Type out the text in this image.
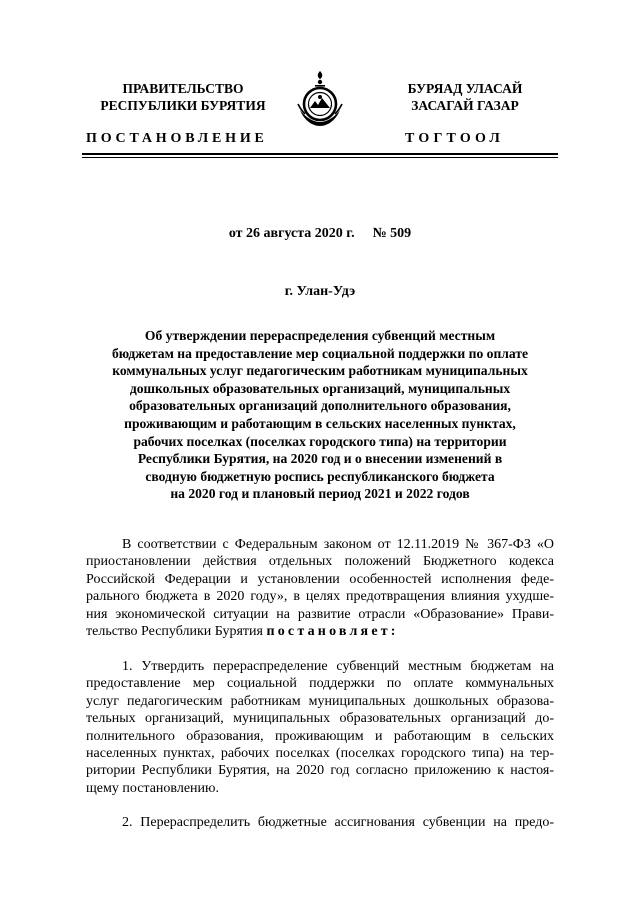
ПРАВИТЕЛЬСТВО
РЕСПУБЛИКИ БУРЯТИЯ
БУРЯАД УЛАСАЙ
ЗАСАГАЙ ГАЗАР
ПОСТАНОВЛЕНИЕ	ТОГТООЛ
от 26 августа 2020 г. № 509
г. Улан-Удэ
Об утверждении перераспределения субвенций местным
бюджетам на предоставление мер социальной поддержки по оплате
коммунальных услуг педагогическим работникам муниципальных
дошкольных образовательных организаций, муниципальных
образовательных организаций дополнительного образования,
проживающим и работающим в сельских населенных пунктах,
рабочих поселках (поселках городского типа) на территории
Республики Бурятия, на 2020 год и о внесении изменений в
сводную бюджетную роспись республиканского бюджета
на 2020 год и плановый период 2021 и 2022 годов
В соответствии с Федеральным законом от 12.11.2019 № 367-ФЗ «О
приостановлении действия отдельных положений Бюджетного кодекса
Российской Федерации и установлении особенностей исполнения феде-
рального бюджета в 2020 году», в целях предотвращения влияния ухудше-
ния экономической ситуации на развитие отрасли «Образование» Прави-
тельство Республики Бурятия постановляет:
1. Утвердить перераспределение субвенций местным бюджетам на
предоставление мер социальной поддержки по оплате коммунальных
услуг педагогическим работникам муниципальных дошкольных образова-
тельных организаций, муниципальных образовательных организаций до-
полнительного образования, проживающим и работающим в сельских
населенных пунктах, рабочих поселках (поселках городского типа) на тер-
ритории Республики Бурятия, на 2020 год согласно приложению к настоя-
щему постановлению.
2. Перераспределить бюджетные ассигнования субвенции на предо-
